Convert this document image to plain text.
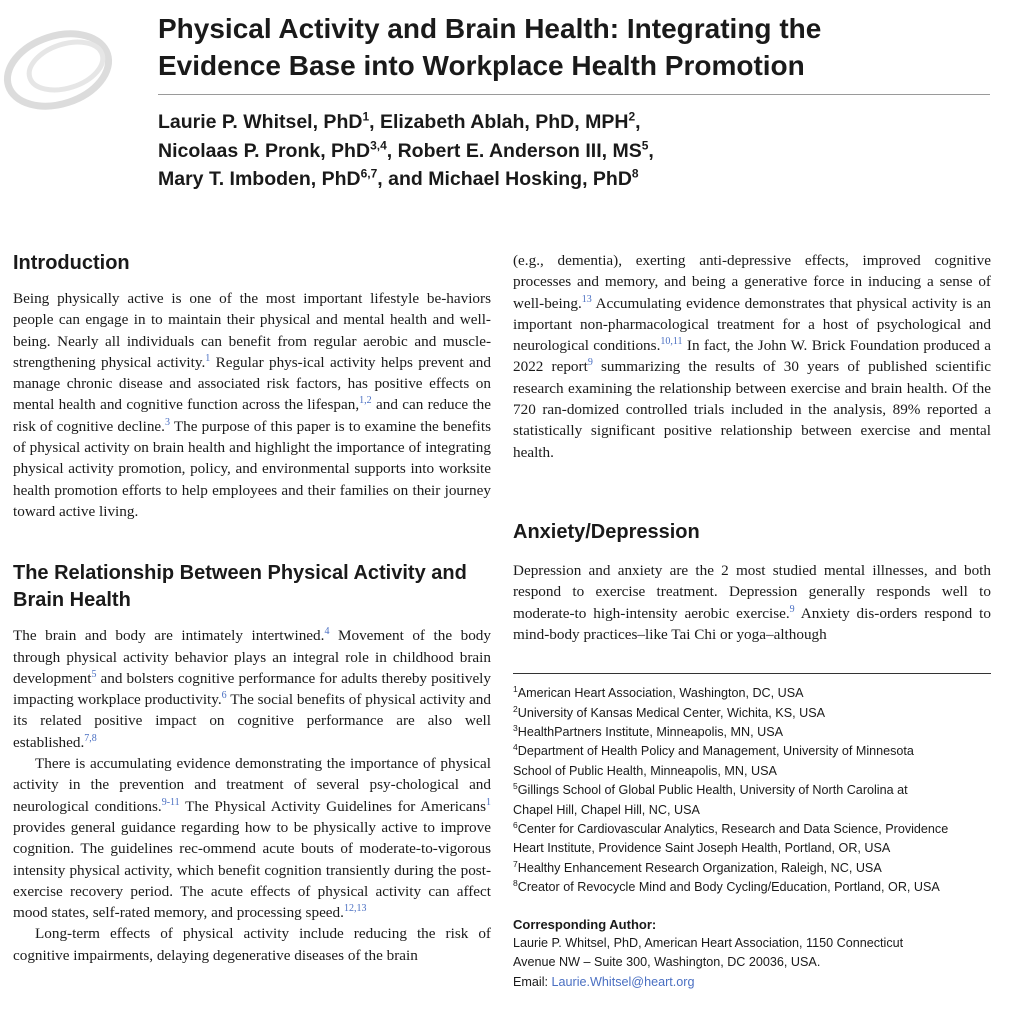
Physical Activity and Brain Health: Integrating the
Evidence Base into Workplace Health Promotion
Laurie P. Whitsel, PhD$^1$, Elizabeth Ablah, PhD, MPH$^2$,
Nicolaas P. Pronk, PhD$^{3,4}$, Robert E. Anderson III, $MS^5$,
Mary T. Imboden, PhD$^{6,7}$, and Michael Hosking, PhD$^8$
Introduction

Being physically active is one of the most important lifestyle be-haviors people can engage in to maintain their physical and mental health and well-being. Nearly all individuals can benefit from regular aerobic and muscle-strengthening physical activity.$^1$ Regular phys-ical activity helps prevent and manage chronic disease and associated risk factors, has positive effects on mental health and cognitive function across the lifespan,$^{1,2}$ and can reduce the risk of cognitive decline.$^3$ The purpose of this paper is to examine the benefits of physical activity on brain health and highlight the importance of integrating physical activity promotion, policy, and environmental supports into worksite health promotion efforts to help employees and their families on their journey toward active living.

The Relationship Between Physical Activity and Brain Health

The brain and body are intimately intertwined.$^4$ Movement of the body through physical activity behavior plays an integral role in childhood brain development$^5$ and bolsters cognitive performance for adults thereby positively impacting workplace productivity.$^6$ The social benefits of physical activity and its related positive impact on cognitive performance are also well established.$^{7,8}$

There is accumulating evidence demonstrating the importance of physical activity in the prevention and treatment of several psy-chological and neurological conditions.$^{9-11}$ The Physical Activity Guidelines for Americans$^1$ provides general guidance regarding how to be physically active to improve cognition. The guidelines rec-ommend acute bouts of moderate-to-vigorous intensity physical activity, which benefit cognition transiently during the post-exercise recovery period. The acute effects of physical activity can affect mood states, self-rated memory, and processing speed.$^{12,13}$

Long-term effects of physical activity include reducing the risk of cognitive impairments, delaying degenerative diseases of the brain

(e.g., dementia), exerting anti-depressive effects, improved cognitive processes and memory, and being a generative force in inducing a sense of well-being.$^{13}$ Accumulating evidence demonstrates that physical activity is an important non-pharmacological treatment for a host of psychological and neurological conditions.$^{10,11}$ In fact, the John W. Brick Foundation produced a 2022 report$^9$ summarizing the results of 30 years of published scientific research examining the relationship between exercise and brain health. Of the 720 ran-domized controlled trials included in the analysis, 89% reported a statistically significant positive relationship between exercise and mental health.

Anxiety/Depression

Depression and anxiety are the 2 most studied mental illnesses, and both respond to exercise treatment. Depression generally responds well to moderate-to high-intensity aerobic exercise.$^9$ Anxiety dis-orders respond to mind-body practices–like Tai Chi or yoga–although

$^1$American Heart Association, Washington, DC, USA
$^2$University of Kansas Medical Center, Wichita, KS, USA
$^3$HealthPartners Institute, Minneapolis, MN, USA
$^4$Department of Health Policy and Management, University of Minnesota
School of Public Health, Minneapolis, MN, USA
$^5$Gillings School of Global Public Health, University of North Carolina at
Chapel Hill, Chapel Hill, NC, USA
$^6$Center for Cardiovascular Analytics, Research and Data Science, Providence
Heart Institute, Providence Saint Joseph Health, Portland, OR, USA
$^7$Healthy Enhancement Research Organization, Raleigh, NC, USA
$^8$Creator of Revocycle Mind and Body Cycling/Education, Portland, OR, USA
Corresponding Author:
Laurie P. Whitsel, PhD, American Heart Association, 1150 Connecticut
Avenue NW – Suite 300, Washington, DC 20036, USA.
Email: Laurie.Whitsel@heart.org
